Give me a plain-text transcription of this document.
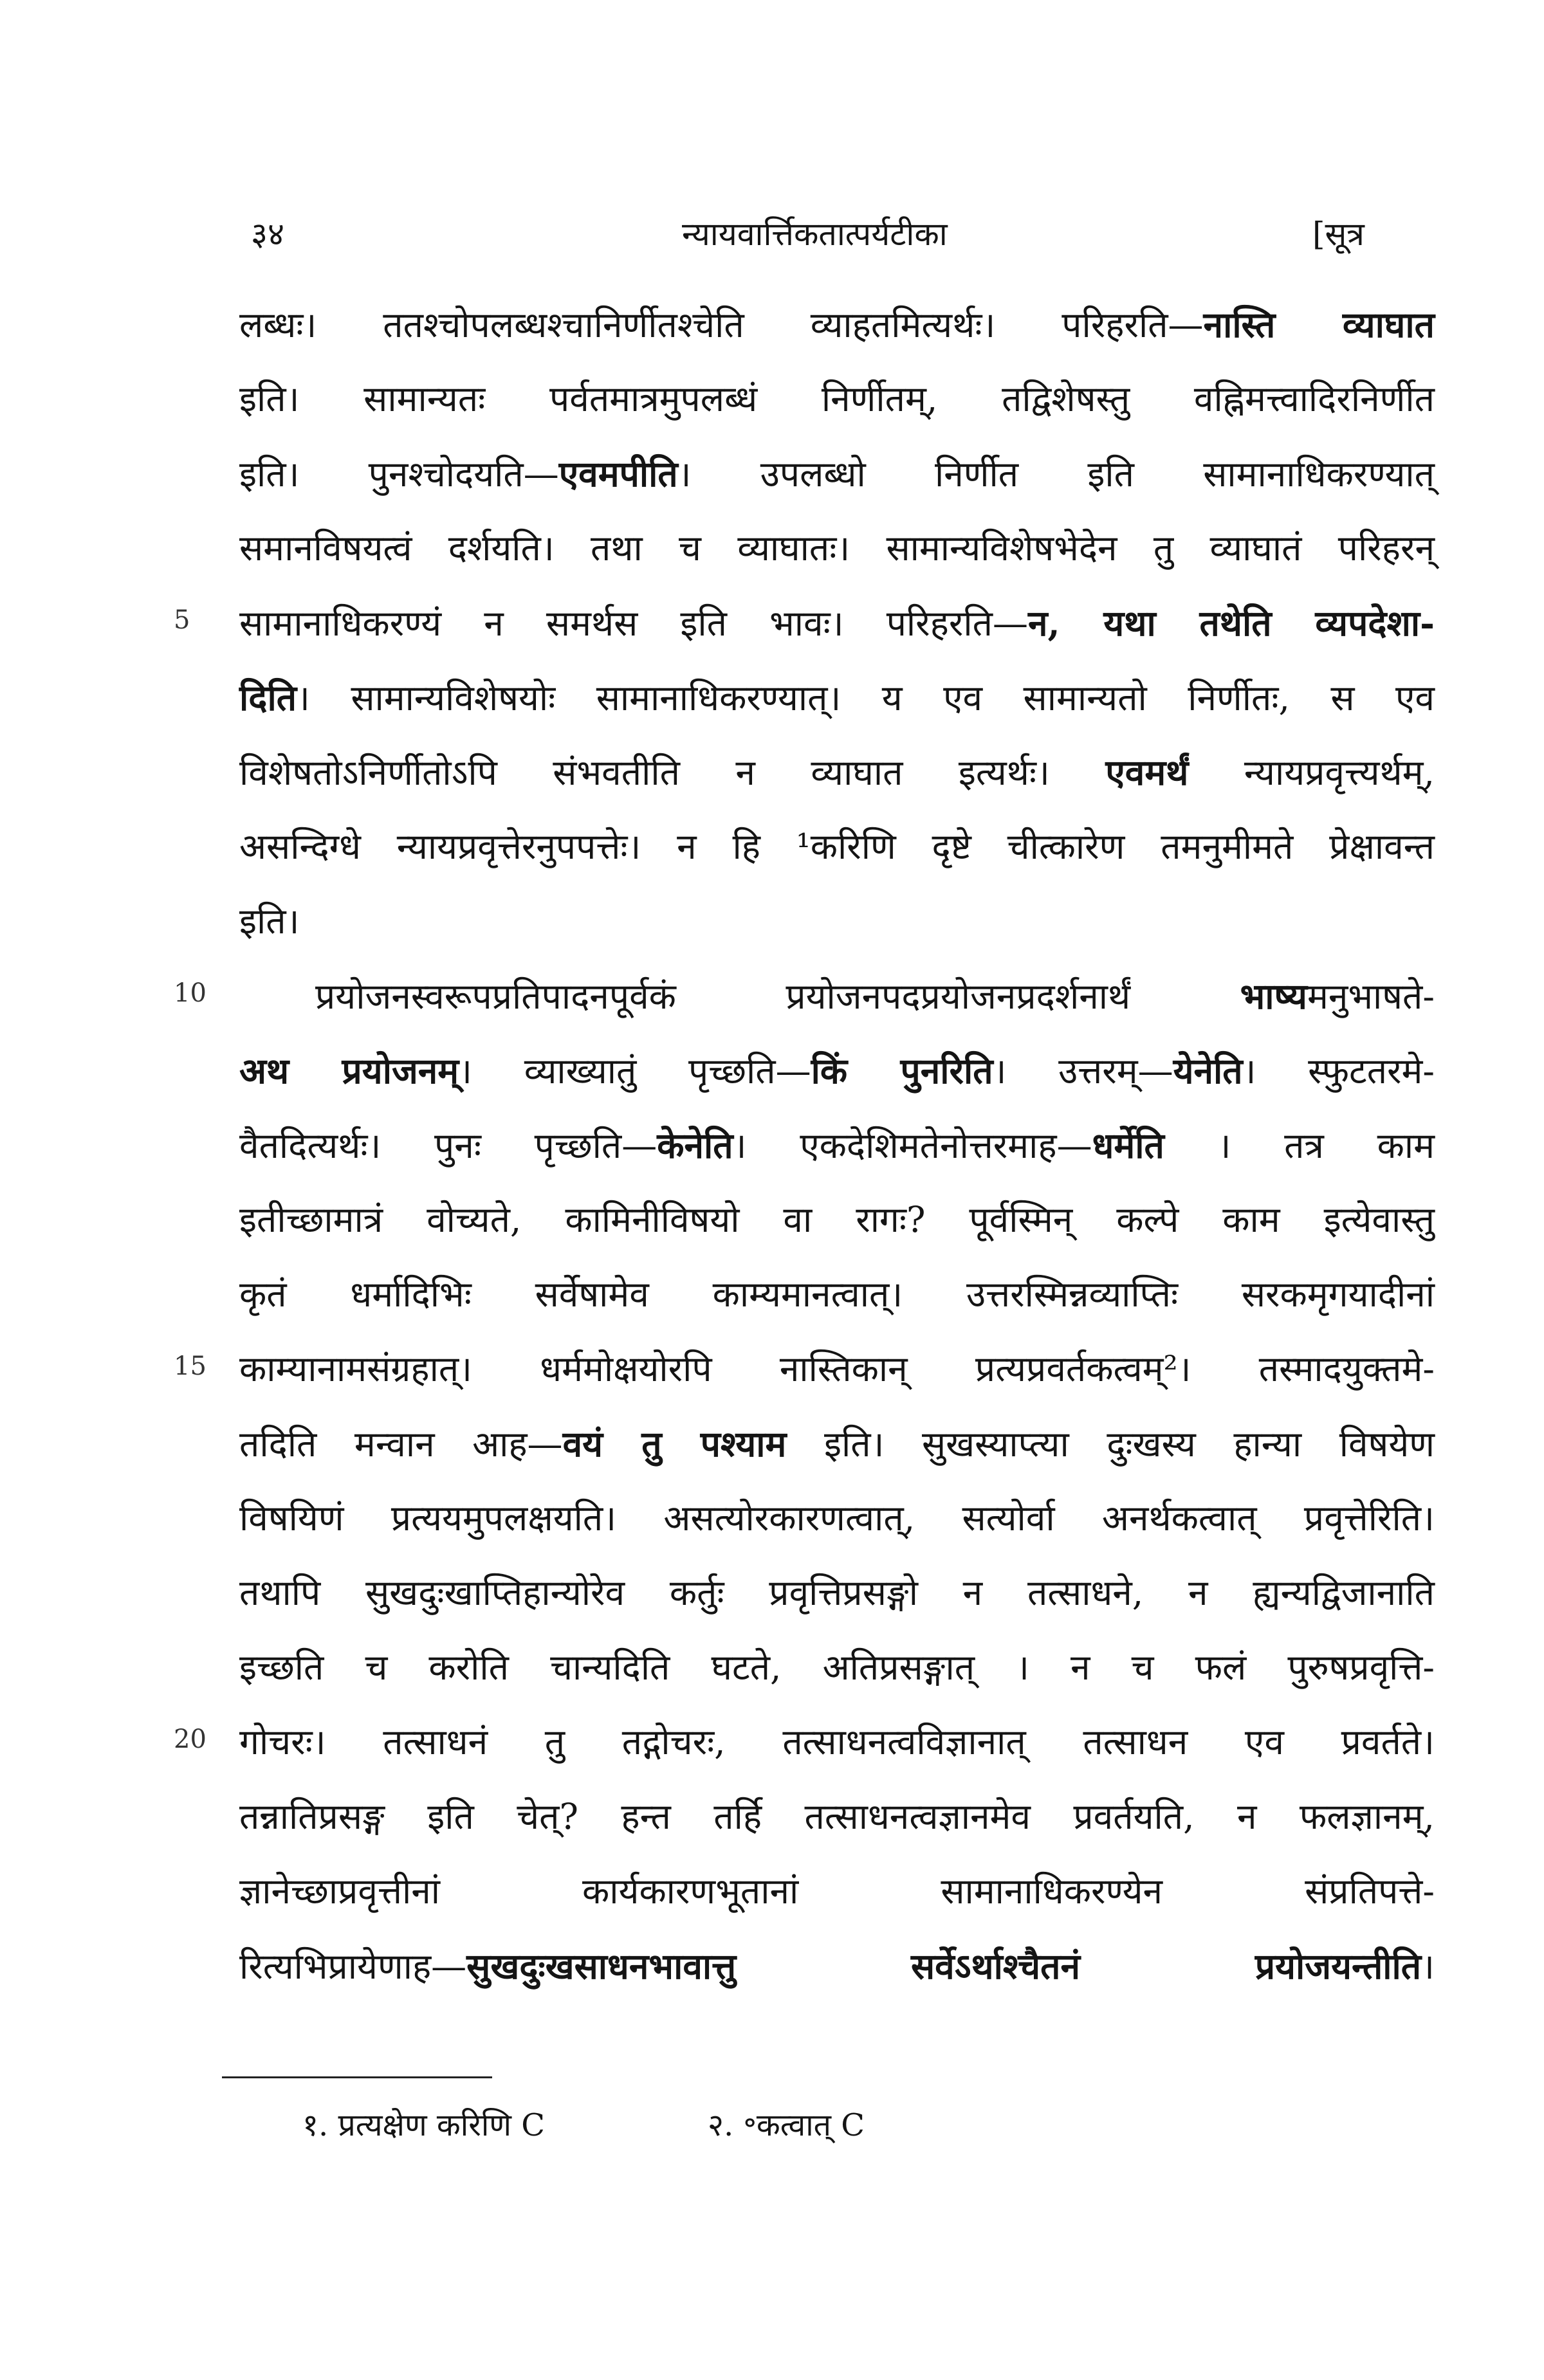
३४	न्यायवार्त्तिकतात्पर्यटीका	[सूत्र
लब्धः। ततश्चोपलब्धश्चानिर्णीतश्चेति व्याहतमित्यर्थः। परिहरति—नास्ति व्याघात
इति। सामान्यतः पर्वतमात्रमुपलब्धं निर्णीतम्, तद्विशेषस्तु वह्निमत्त्वादिरनिर्णीत
इति। पुनश्चोदयति—एवमपीति। उपलब्धो निर्णीत इति सामानाधिकरण्यात्
समानविषयत्वं दर्शयति। तथा च व्याघातः। सामान्यविशेषभेदेन तु व्याघातं परिहरन्
5	सामानाधिकरण्यं न समर्थस इति भावः। परिहरति—न, यथा तथेति व्यपदेशा-
दिति। सामान्यविशेषयोः सामानाधिकरण्यात्। य एव सामान्यतो निर्णीतः, स एव
विशेषतोऽनिर्णीतोऽपि संभवतीति न व्याघात इत्यर्थः। एवमर्थं न्यायप्रवृत्त्यर्थम्,
असन्दिग्धे न्यायप्रवृत्तेरनुपपत्तेः। न हि ¹करिणि दृष्टे चीत्कारेण तमनुमीमते प्रेक्षावन्त
इति।
10	प्रयोजनस्वरूपप्रतिपादनपूर्वकं प्रयोजनपदप्रयोजनप्रदर्शनार्थं भाष्यमनुभाषते-
अथ प्रयोजनम्। व्याख्यातुं पृच्छति—किं पुनरिति। उत्तरम्—येनेति। स्फुटतरमे-
वैतदित्यर्थः। पुनः पृच्छति—केनेति। एकदेशिमतेनोत्तरमाह—धर्मेति । तत्र काम
इतीच्छामात्रं वोच्यते, कामिनीविषयो वा रागः? पूर्वस्मिन् कल्पे काम इत्येवास्तु
कृतं धर्मादिभिः सर्वेषामेव काम्यमानत्वात्। उत्तरस्मिन्नव्याप्तिः सरकमृगयादीनां
15 काम्यानामसंग्रहात्। धर्ममोक्षयोरपि नास्तिकान् प्रत्यप्रवर्तकत्वम्²। तस्मादयुक्तमे-
तदिति मन्वान आह—वयं तु पश्याम इति। सुखस्याप्त्या दुःखस्य हान्या विषयेण
विषयिणं प्रत्ययमुपलक्षयति। असत्योरकारणत्वात्, सत्योर्वा अनर्थकत्वात् प्रवृत्तेरिति।
तथापि सुखदुःखाप्तिहान्योरेव कर्तुः प्रवृत्तिप्रसङ्गो न तत्साधने, न ह्यन्यद्विजानाति
इच्छति च करोति चान्यदिति घटते, अतिप्रसङ्गात् । न च फलं पुरुषप्रवृत्ति-
20 गोचरः। तत्साधनं तु तद्गोचरः, तत्साधनत्वविज्ञानात् तत्साधन एव प्रवर्तते।
तन्नातिप्रसङ्ग इति चेत्? हन्त तर्हि तत्साधनत्वज्ञानमेव प्रवर्तयति, न फलज्ञानम्,
ज्ञानेच्छाप्रवृत्तीनां कार्यकारणभूतानां सामानाधिकरण्येन संप्रतिपत्ते-
रित्यभिप्रायेणाह—सुखदुःखसाधनभावात्तु सर्वेऽर्थाश्चैतनं प्रयोजयन्तीति।
१. प्रत्यक्षेण करिणि C	२. ॰कत्वात् C
